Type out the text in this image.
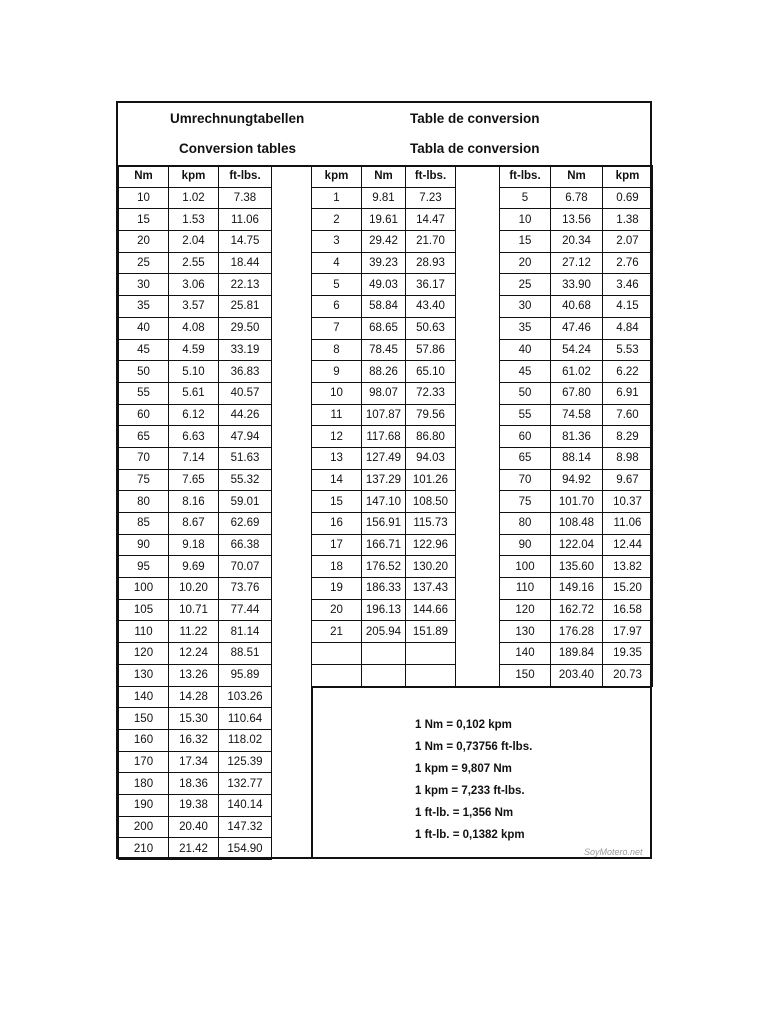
Umrechnungtabellen	Table de conversion
Conversion tables	Tabla de conversion
Nm	kpm	ft-lbs.
10	1.02	7.38
15	1.53	11.06
20	2.04	14.75
25	2.55	18.44
30	3.06	22.13
35	3.57	25.81
40	4.08	29.50
45	4.59	33.19
50	5.10	36.83
55	5.61	40.57
60	6.12	44.26
65	6.63	47.94
70	7.14	51.63
75	7.65	55.32
80	8.16	59.01
85	8.67	62.69
90	9.18	66.38
95	9.69	70.07
100	10.20	73.76
105	10.71	77.44
110	11.22	81.14
120	12.24	88.51
130	13.26	95.89
140	14.28	103.26
150	15.30	110.64
160	16.32	118.02
170	17.34	125.39
180	18.36	132.77
190	19.38	140.14
200	20.40	147.32
210	21.42	154.90
kpm	Nm	ft-lbs.
1	9.81	7.23
2	19.61	14.47
3	29.42	21.70
4	39.23	28.93
5	49.03	36.17
6	58.84	43.40
7	68.65	50.63
8	78.45	57.86
9	88.26	65.10
10	98.07	72.33
11	107.87	79.56
12	117.68	86.80
13	127.49	94.03
14	137.29	101.26
15	147.10	108.50
16	156.91	115.73
17	166.71	122.96
18	176.52	130.20
19	186.33	137.43
20	196.13	144.66
21	205.94	151.89

ft-lbs.	Nm	kpm
5	6.78	0.69
10	13.56	1.38
15	20.34	2.07
20	27.12	2.76
25	33.90	3.46
30	40.68	4.15
35	47.46	4.84
40	54.24	5.53
45	61.02	6.22
50	67.80	6.91
55	74.58	7.60
60	81.36	8.29
65	88.14	8.98
70	94.92	9.67
75	101.70	10.37
80	108.48	11.06
90	122.04	12.44
100	135.60	13.82
110	149.16	15.20
120	162.72	16.58
130	176.28	17.97
140	189.84	19.35
150	203.40	20.73
1 Nm = 0,102 kpm
1 Nm = 0,73756 ft-lbs.
1 kpm = 9,807 Nm
1 kpm = 7,233 ft-lbs.
1 ft-lb. = 1,356 Nm
1 ft-lb. = 0,1382 kpm
SoyMotero.net
